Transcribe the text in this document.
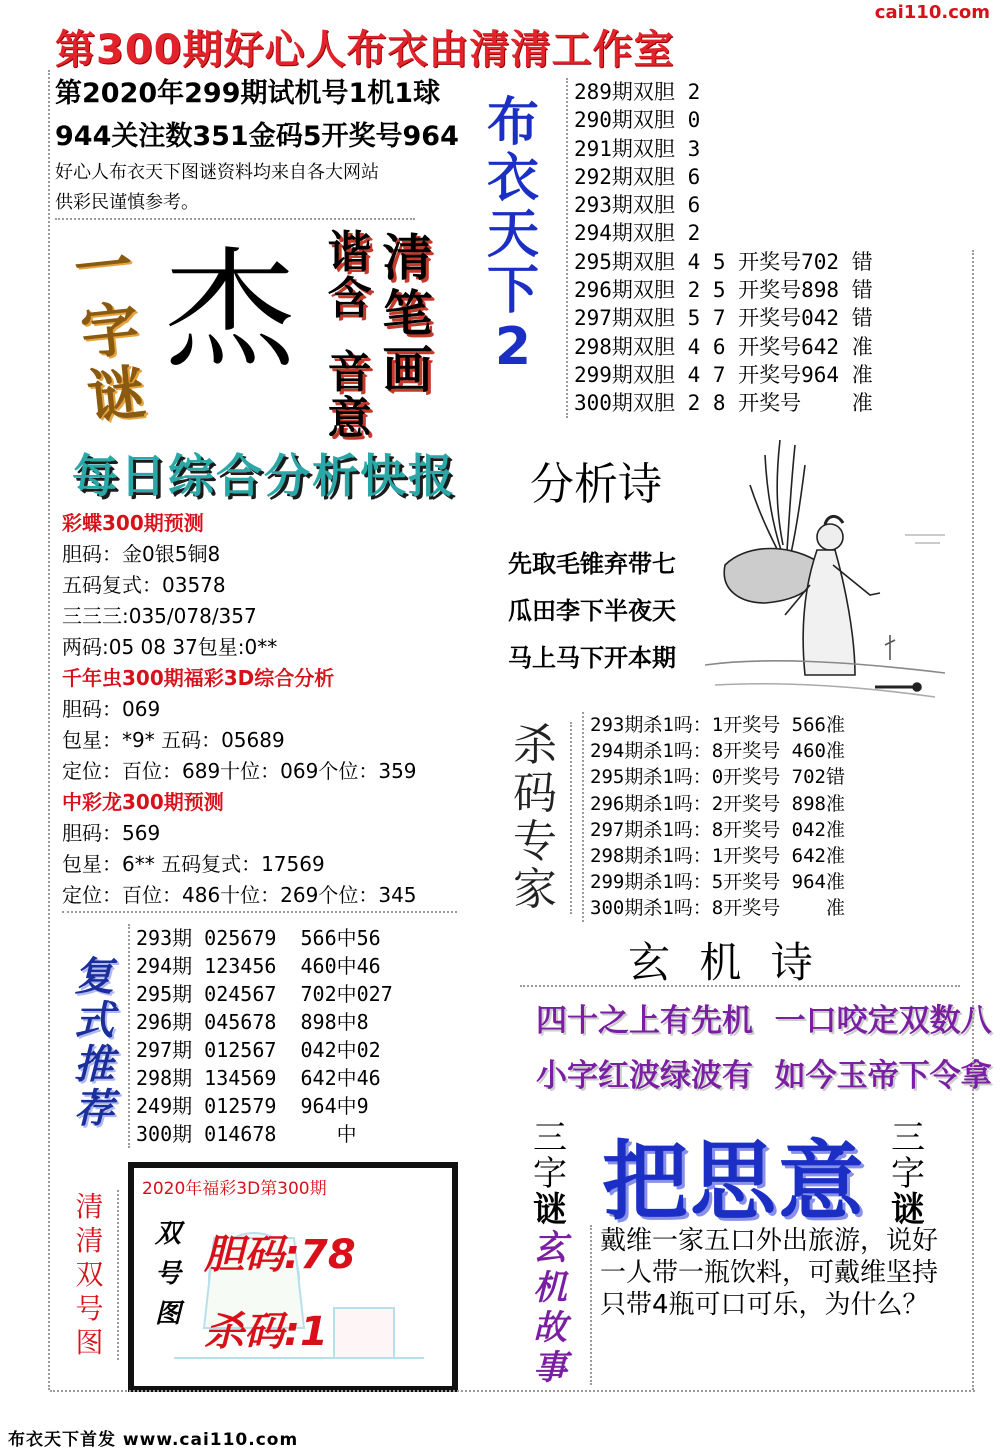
cai110.com
第300期好心人布衣由清清工作室
第2020年299期试机号1机1球
944关注数351金码5开奖号964
好心人布衣天下图谜资料均来自各大网站
供彩民谨慎参考。
布
衣
天
下
2
289期双胆 2
290期双胆 0
291期双胆 3
292期双胆 6
293期双胆 6
294期双胆 2
295期双胆 4 5 开奖号702 错
296期双胆 2 5 开奖号898 错
297期双胆 5 7 开奖号042 错
298期双胆 4 6 开奖号642 准
299期双胆 4 7 开奖号964 准
300期双胆 2 8 开奖号    准
一
字
谜
杰 清
笔
画
谐
含
音
意
每日综合分析快报
彩蝶300期预测
胆码：金0银5铜8
五码复式：03578
三三三:035/078/357
两码:05 08 37包星:0**
千年虫300期福彩3D综合分析
胆码：069
包星：*9* 五码：05689
定位：百位：689十位：069个位：359
中彩龙300期预测
胆码：569
包星：6** 五码复式：17569
定位：百位：486十位：269个位：345
分析诗
先取毛锥弃带七
瓜田李下半夜天
马上马下开本期
杀
码
专
家
293期杀1吗：1开奖号 566准
294期杀1吗：8开奖号 460准
295期杀1吗：0开奖号 702错
296期杀1吗：2开奖号 898准
297期杀1吗：8开奖号 042准
298期杀1吗：1开奖号 642准
299期杀1吗：5开奖号 964准
300期杀1吗：8开奖号    准
复
式
推
荐
293期 025679  566中56
294期 123456  460中46
295期 024567  702中027
296期 045678  898中8
297期 012567  042中02
298期 134569  642中46
249期 012579  964中9
300期 014678     中
玄 机 诗
四十之上有先机  一口咬定双数八
小字红波绿波有  如今玉帝下令拿
三
字
谜 把思意 三
字
谜
清
清
双
号
图
2020年福彩3D第300期
双
号
图
胆码:78
杀码:1
玄
机
故
事
戴维一家五口外出旅游，说好一人带一瓶饮料，可戴维坚持只带4瓶可口可乐，为什么？
布衣天下首发 www.cai110.com
